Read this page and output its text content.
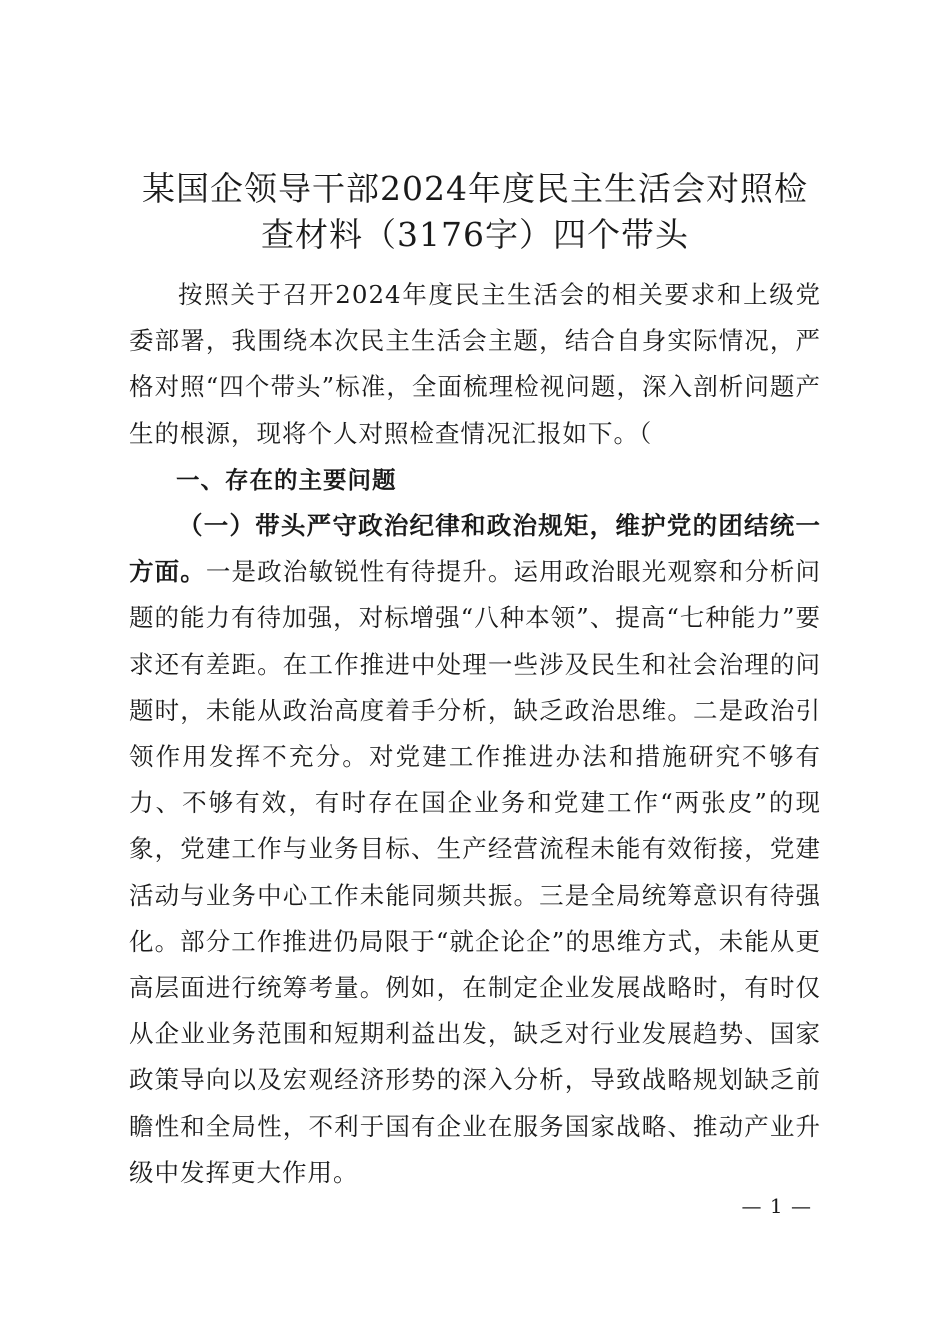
某国企领导干部2024年度民主生活会对照检
查材料（3176字）四个带头

按照关于召开2024年度民主生活会的相关要求和上级党委部署，我围绕本次民主生活会主题，结合自身实际情况，严格对照“四个带头”标准，全面梳理检视问题，深入剖析问题产生的根源，现将个人对照检查情况汇报如下。（

一、存在的主要问题

（一）带头严守政治纪律和政治规矩，维护党的团结统一方面。一是政治敏锐性有待提升。运用政治眼光观察和分析问题的能力有待加强，对标增强“八种本领”、提高“七种能力”要求还有差距。在工作推进中处理一些涉及民生和社会治理的问题时，未能从政治高度着手分析，缺乏政治思维。二是政治引领作用发挥不充分。对党建工作推进办法和措施研究不够有力、不够有效，有时存在国企业务和党建工作“两张皮”的现象，党建工作与业务目标、生产经营流程未能有效衔接，党建活动与业务中心工作未能同频共振。三是全局统筹意识有待强化。部分工作推进仍局限于“就企论企”的思维方式，未能从更高层面进行统筹考量。例如，在制定企业发展战略时，有时仅从企业业务范围和短期利益出发，缺乏对行业发展趋势、国家政策导向以及宏观经济形势的深入分析，导致战略规划缺乏前瞻性和全局性，不利于国有企业在服务国家战略、推动产业升级中发挥更大作用。

— 1 —
